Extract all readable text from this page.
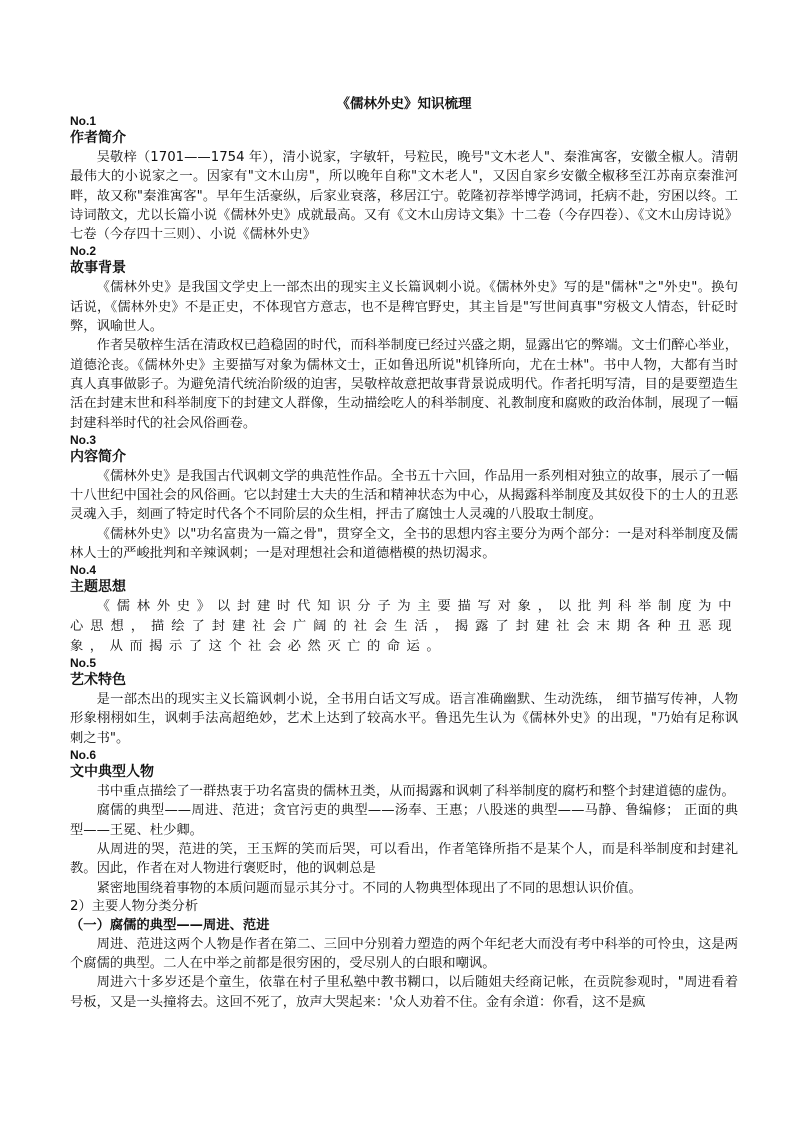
《儒林外史》知识梳理

No.1

作者简介

吴敬梓（1701——1754 年），清小说家，字敏轩，号粒民，晚号"文木老人"、秦淮寓客，安徽全椒人。清朝最伟大的小说家之一。因家有"文木山房"，所以晚年自称"文木老人"，又因自家乡安徽全椒移至江苏南京秦淮河畔，故又称"秦淮寓客"。早年生活豪纵，后家业衰落，移居江宁。乾隆初荐举博学鸿词，托病不赴，穷困以终。工诗词散文，尤以长篇小说《儒林外史》成就最高。又有《文木山房诗文集》十二卷（今存四卷）、《文木山房诗说》七卷（今存四十三则）、小说《儒林外史》

No.2

故事背景

《儒林外史》是我国文学史上一部杰出的现实主义长篇讽刺小说。《儒林外史》写的是"儒林"之"外史"。换句话说，《儒林外史》不是正史，不体现官方意志，也不是稗官野史，其主旨是"写世间真事"穷极文人情态，针砭时弊，讽喻世人。

作者吴敬梓生活在清政权已趋稳固的时代，而科举制度已经过兴盛之期，显露出它的弊端。文士们醉心举业，道德沦丧。《儒林外史》主要描写对象为儒林文士，正如鲁迅所说"机锋所向，尤在士林"。书中人物，大都有当时真人真事做影子。为避免清代统治阶级的迫害，吴敬梓故意把故事背景说成明代。作者托明写清，目的是要塑造生活在封建末世和科举制度下的封建文人群像，生动描绘吃人的科举制度、礼教制度和腐败的政治体制，展现了一幅封建科举时代的社会风俗画卷。

No.3

内容简介

《儒林外史》是我国古代讽刺文学的典范性作品。全书五十六回，作品用一系列相对独立的故事，展示了一幅十八世纪中国社会的风俗画。它以封建士大夫的生活和精神状态为中心，从揭露科举制度及其奴役下的士人的丑恶灵魂入手，刻画了特定时代各个不同阶层的众生相，抨击了腐蚀士人灵魂的八股取士制度。

《儒林外史》以"功名富贵为一篇之骨"，贯穿全文，全书的思想内容主要分为两个部分：一是对科举制度及儒林人士的严峻批判和辛辣讽刺；一是对理想社会和道德楷模的热切渴求。

No.4

主题思想

《儒林外史》以封建时代知识分子为主要描写对象，以批判科举制度为中心思想，描绘了封建社会广阔的社会生活，揭露了封建社会末期各种丑恶现象，从而揭示了这个社会必然灭亡的命运。

No.5

艺术特色

是一部杰出的现实主义长篇讽刺小说，全书用白话文写成。语言准确幽默、生动洗练， 细节描写传神，人物形象栩栩如生，讽刺手法高超绝妙，艺术上达到了较高水平。鲁迅先生认为《儒林外史》的出现，"乃始有足称讽刺之书"。

No.6

文中典型人物

书中重点描绘了一群热衷于功名富贵的儒林丑类，从而揭露和讽刺了科举制度的腐朽和整个封建道德的虚伪。

腐儒的典型——周进、范进；贪官污吏的典型——汤奉、王惠；八股迷的典型——马静、鲁编修； 正面的典型——王冕、杜少卿。

从周进的哭，范进的笑，王玉辉的笑而后哭，可以看出，作者笔锋所指不是某个人，而是科举制度和封建礼教。因此，作者在对人物进行褒贬时，他的讽刺总是

紧密地围绕着事物的本质问题而显示其分寸。不同的人物典型体现出了不同的思想认识价值。

2）主要人物分类分析

（一）腐儒的典型——周进、范进

周进、范进这两个人物是作者在第二、三回中分别着力塑造的两个年纪老大而没有考中科举的可怜虫，这是两个腐儒的典型。二人在中举之前都是很穷困的，受尽别人的白眼和嘲讽。

周进六十多岁还是个童生，依靠在村子里私塾中教书糊口，以后随姐夫经商记帐，在贡院参观时，"周进看着号板，又是一头撞将去。这回不死了，放声大哭起来：'众人劝着不住。金有余道：你看，这不是疯
